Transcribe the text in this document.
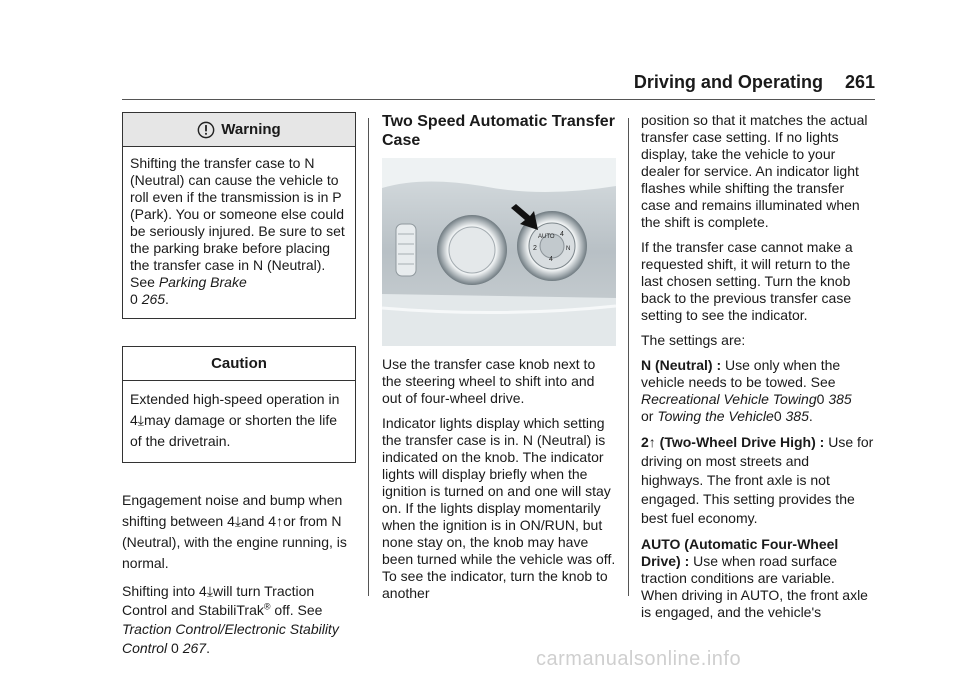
Driving and Operating 261
Warning

Shifting the transfer case to N (Neutral) can cause the vehicle to roll even if the transmission is in P (Park). You or someone else could be seriously injured. Be sure to set the parking brake before placing the transfer case in N (Neutral). See Parking Brake
0 265.

Caution

Extended high-speed operation in 4⤓may damage or shorten the life of the drivetrain.

Engagement noise and bump when shifting between 4⤓and 4↑or from N (Neutral), with the engine running, is normal.

Shifting into 4⤓will turn Traction Control and StabiliTrak® off. See Traction Control/Electronic Stability Control 0 267.

Two Speed Automatic Transfer Case
AUTO 4
2	N
4

Use the transfer case knob next to the steering wheel to shift into and out of four-wheel drive.

Indicator lights display which setting the transfer case is in. N (Neutral) is indicated on the knob. The indicator lights will display briefly when the ignition is turned on and one will stay on. If the lights display momentarily when the ignition is in ON/RUN, but none stay on, the knob may have been turned while the vehicle was off. To see the indicator, turn the knob to another

position so that it matches the actual transfer case setting. If no lights display, take the vehicle to your dealer for service. An indicator light flashes while shifting the transfer case and remains illuminated when the shift is complete.

If the transfer case cannot make a requested shift, it will return to the last chosen setting. Turn the knob back to the previous transfer case setting to see the indicator.

The settings are:

N (Neutral) : Use only when the vehicle needs to be towed. See Recreational Vehicle Towing0 385
or Towing the Vehicle0 385.

2↑ (Two-Wheel Drive High) : Use for driving on most streets and highways. The front axle is not engaged. This setting provides the best fuel economy.

AUTO (Automatic Four-Wheel Drive) : Use when road surface traction conditions are variable. When driving in AUTO, the front axle is engaged, and the vehicle's

carmanualsonline.info
